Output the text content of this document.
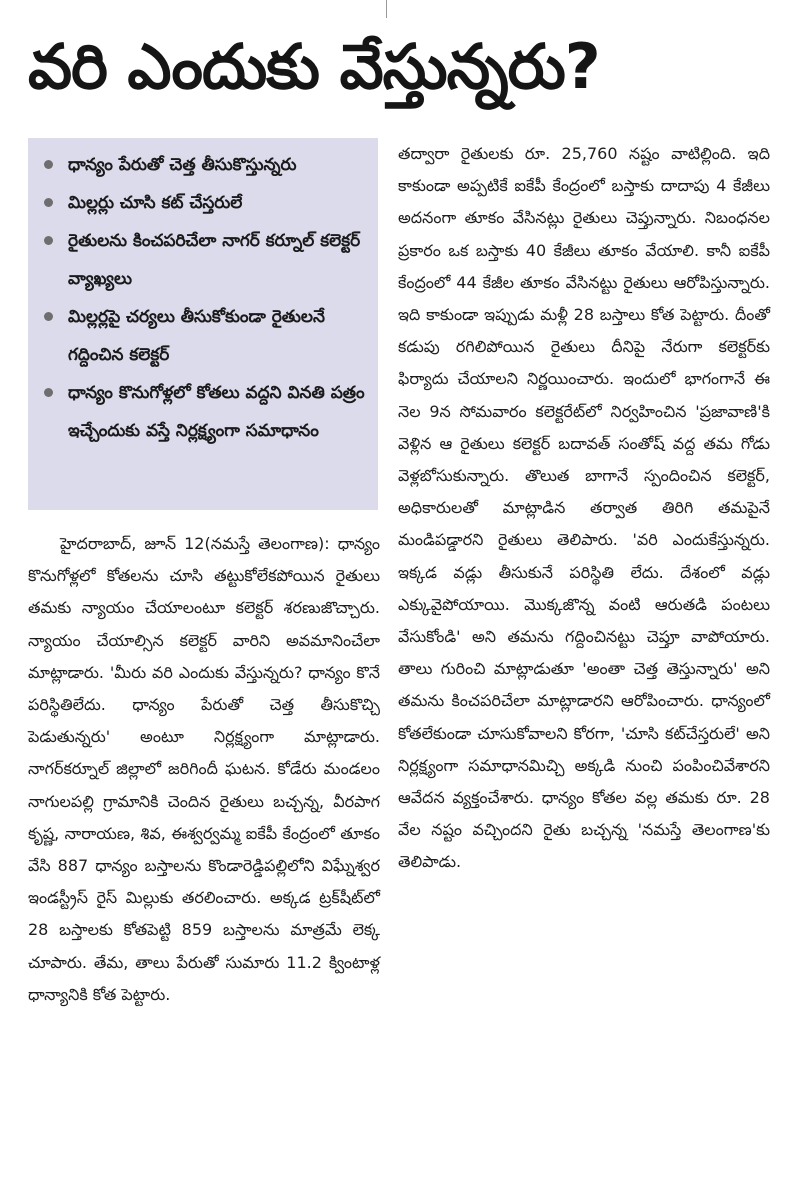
వరి ఎందుకు వేస్తున్నరు?
ధాన్యం పేరుతో చెత్త తీసుకొస్తున్నరు
మిల్లర్లు చూసి కట్ చేస్తరులే
రైతులను కించపరిచేలా నాగర్ కర్నూల్ కలెక్టర్ వ్యాఖ్యలు
మిల్లర్లపై చర్యలు తీసుకోకుండా రైతులనే గద్దించిన కలెక్టర్
ధాన్యం కొనుగోళ్లలో కోతలు వద్దని వినతి పత్రం ఇచ్చేందుకు వస్తే నిర్లక్ష్యంగా సమాధానం

హైదరాబాద్, జూన్ 12(నమస్తే తెలంగాణ): ధాన్యం కొనుగోళ్లలో కోతలను చూసి తట్టుకోలేకపోయిన రైతులు తమకు న్యాయం చేయాలంటూ కలెక్టర్ శరణుజొచ్చారు. న్యాయం చేయాల్సిన కలెక్టర్ వారిని అవమానించేలా మాట్లాడారు. 'మీరు వరి ఎందుకు వేస్తున్నరు? ధాన్యం కొనే పరిస్థితిలేదు. ధాన్యం పేరుతో చెత్త తీసుకొచ్చి పెడుతున్నరు' అంటూ నిర్లక్ష్యంగా మాట్లాడారు. నాగర్‌కర్నూల్ జిల్లాలో జరిగిందీ ఘటన. కోడేరు మండలం నాగులపల్లి గ్రామానికి చెందిన రైతులు బచ్చన్న, వీరపాగ కృష్ణ, నారాయణ, శివ, ఈశ్వర్వమ్మ ఐకేపీ కేంద్రంలో తూకం వేసి 887 ధాన్యం బస్తాలను కొండారెడ్డిపల్లిలోని విఘ్నేశ్వర ఇండస్ట్రీస్ రైస్ మిల్లుకు తరలించారు. అక్కడ ట్రక్‌షీట్‌లో 28 బస్తాలకు కోతపెట్టి 859 బస్తాలను మాత్రమే లెక్క చూపారు. తేమ, తాలు పేరుతో సుమారు 11.2 క్వింటాళ్ల ధాన్యానికి కోత పెట్టారు.

తద్వారా రైతులకు రూ. 25,760 నష్టం వాటిల్లింది. ఇది కాకుండా అప్పటికే ఐకేపీ కేంద్రంలో బస్తాకు దాదాపు 4 కేజీలు అదనంగా తూకం వేసినట్లు రైతులు చెప్తున్నారు. నిబంధనల ప్రకారం ఒక బస్తాకు 40 కేజీలు తూకం వేయాలి. కానీ ఐకేపీ కేంద్రంలో 44 కేజీల తూకం వేసినట్టు రైతులు ఆరోపిస్తున్నారు. ఇది కాకుండా ఇప్పుడు మళ్లీ 28 బస్తాలు కోత పెట్టారు. దీంతో కడుపు రగిలిపోయిన రైతులు దీనిపై నేరుగా కలెక్టర్‌కు ఫిర్యాదు చేయాలని నిర్ణయించారు. ఇందులో భాగంగానే ఈ నెల 9న సోమవారం కలెక్టరేట్‌లో నిర్వహించిన 'ప్రజావాణి'కి వెళ్లిన ఆ రైతులు కలెక్టర్ బదావత్ సంతోష్ వద్ద తమ గోడు వెళ్లబోసుకున్నారు. తొలుత బాగానే స్పందించిన కలెక్టర్, అధికారులతో మాట్లాడిన తర్వాత తిరిగి తమపైనే మండిపడ్డారని రైతులు తెలిపారు. 'వరి ఎందుకేస్తున్నరు. ఇక్కడ వడ్లు తీసుకునే పరిస్థితి లేదు. దేశంలో వడ్లు ఎక్కువైపోయాయి. మొక్కజొన్న వంటి ఆరుతడి పంటలు వేసుకోండి' అని తమను గద్దించినట్టు చెప్తూ వాపోయారు. తాలు గురించి మాట్లాడుతూ 'అంతా చెత్త తెస్తున్నారు' అని తమను కించపరిచేలా మాట్లాడారని ఆరోపించారు. ధాన్యంలో కోతలేకుండా చూసుకోవాలని కోరగా, 'చూసి కట్‌చేస్తరులే' అని నిర్లక్ష్యంగా సమాధానమిచ్చి అక్కడి నుంచి పంపించివేశారని ఆవేదన వ్యక్తంచేశారు. ధాన్యం కోతల వల్ల తమకు రూ. 28 వేల నష్టం వచ్చిందని రైతు బచ్చన్న 'నమస్తే తెలంగాణ'కు తెలిపాడు.
